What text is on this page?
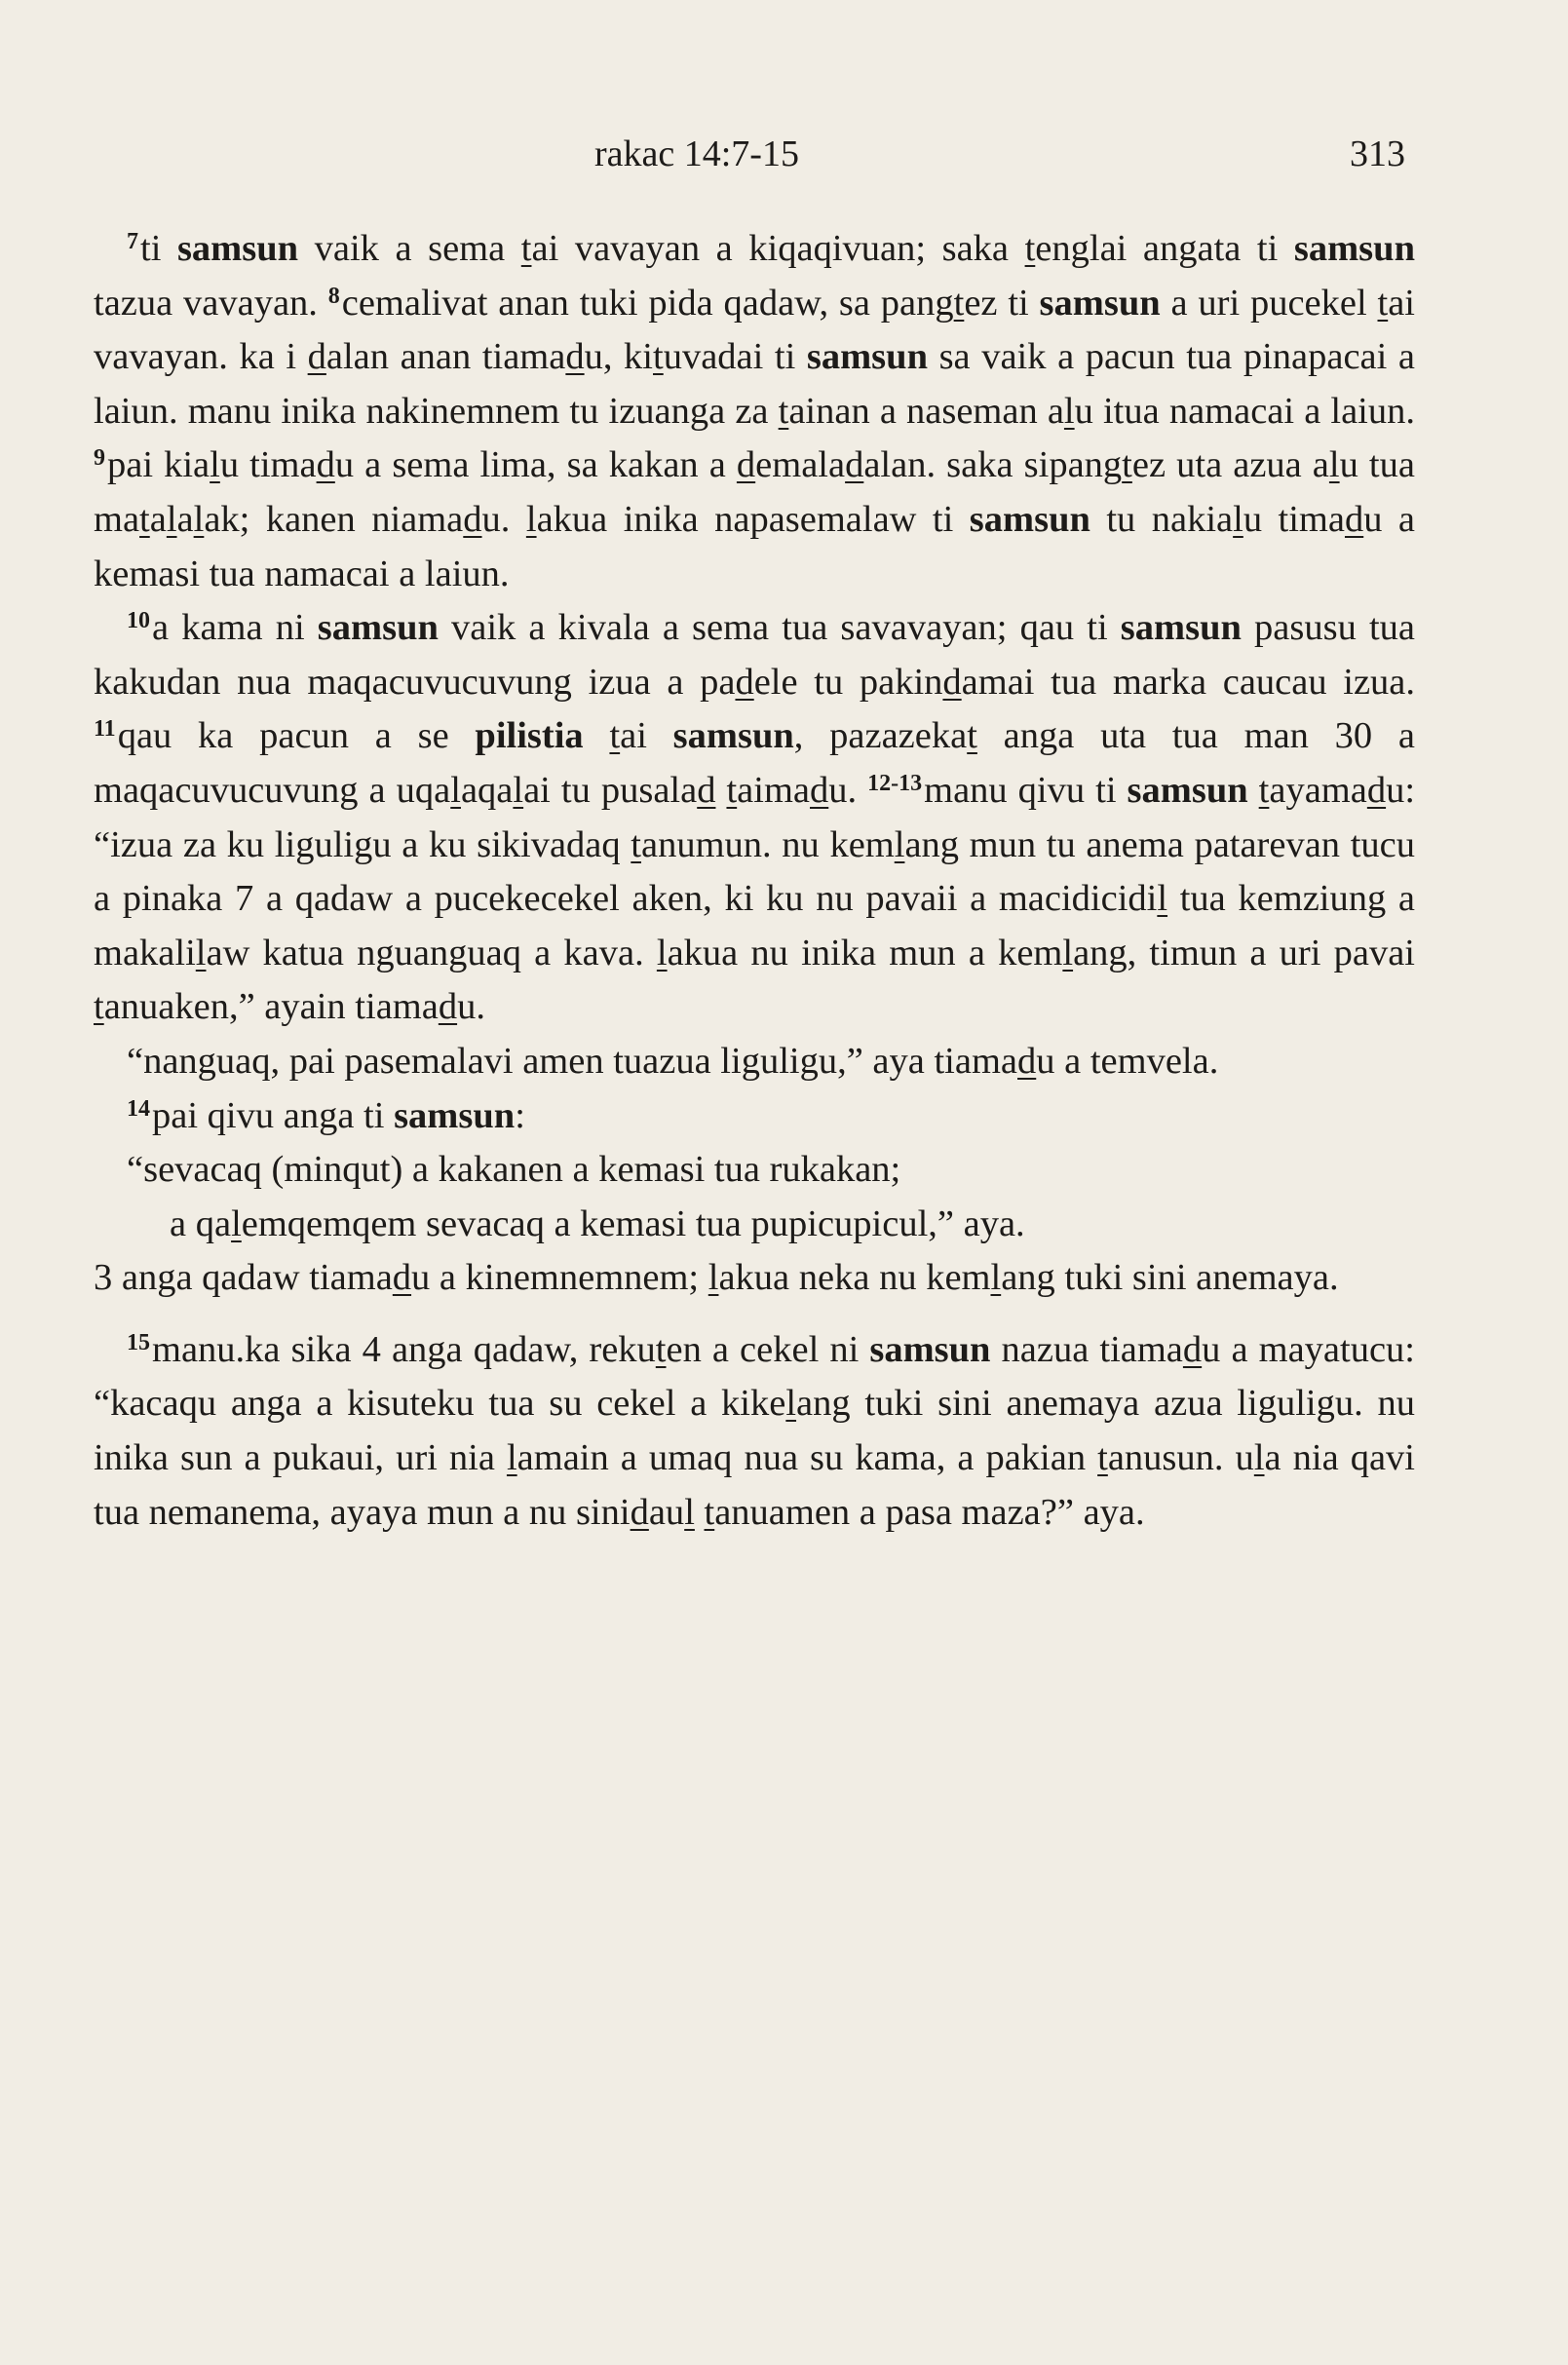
rakac 14:7-15	313

$^7$ti samsun vaik a sema tai vavayan a kiqaqivuan; saka tenglai angata ti samsun tazua vavayan. $^8$cemalivat anan tuki pida qadaw, sa pangtez ti samsun a uri pucekel tai vavayan. ka i dalan anan tiamadu, kituvadai ti samsun sa vaik a pacun tua pinapacai a laiun. manu inika nakinemnem tu izuanga za tainan a naseman alu itua namacai a laiun. $^9$pai kialu timadu a sema lima, sa kakan a demaladalan. saka sipangtez uta azua alu tua matalalak; kanen niamadu. lakua inika napasemalaw ti samsun tu nakialu timadu a kemasi tua namacai a laiun.

$^{10}$a kama ni samsun vaik a kivala a sema tua savavayan; qau ti samsun pasusu tua kakudan nua maqacuvucuvung izua a padele tu pakindamai tua marka caucau izua. $^{11}$qau ka pacun a se pilistia tai samsun, pazazekat anga uta tua man 30 a maqacuvucuvung a uqalaqalai tu pusalad taimadu. $^{12-13}$manu qivu ti samsun tayamadu: “izua za ku liguligu a ku sikivadaq tanumun. nu kemlang mun tu anema patarevan tucu a pinaka 7 a qadaw a pucekecekel aken, ki ku nu pavaii a macidicidil tua kemziung a makalilaw katua nguanguaq a kava. lakua nu inika mun a kemlang, timun a uri pavai tanuaken,” ayain tiamadu.

“nanguaq, pai pasemalavi amen tuazua liguligu,” aya tiamadu a temvela.

$^{14}$pai qivu anga ti samsun:

“sevacaq (minqut) a kakanen a kemasi tua rukakan;
a qalemqemqem sevacaq a kemasi tua pupicupicul,” aya.

3 anga qadaw tiamadu a kinemnemnem; lakua neka nu kemlang tuki sini anemaya.

$^{15}$manu.ka sika 4 anga qadaw, rekuten a cekel ni samsun nazua tiamadu a mayatucu: “kacaqu anga a kisuteku tua su cekel a kikelang tuki sini anemaya azua liguligu. nu inika sun a pukaui, uri nia lamain a umaq nua su kama, a pakian tanusun. ula nia qavi tua nemanema, ayaya mun a nu sinidaul tanuamen a pasa maza?” aya.
